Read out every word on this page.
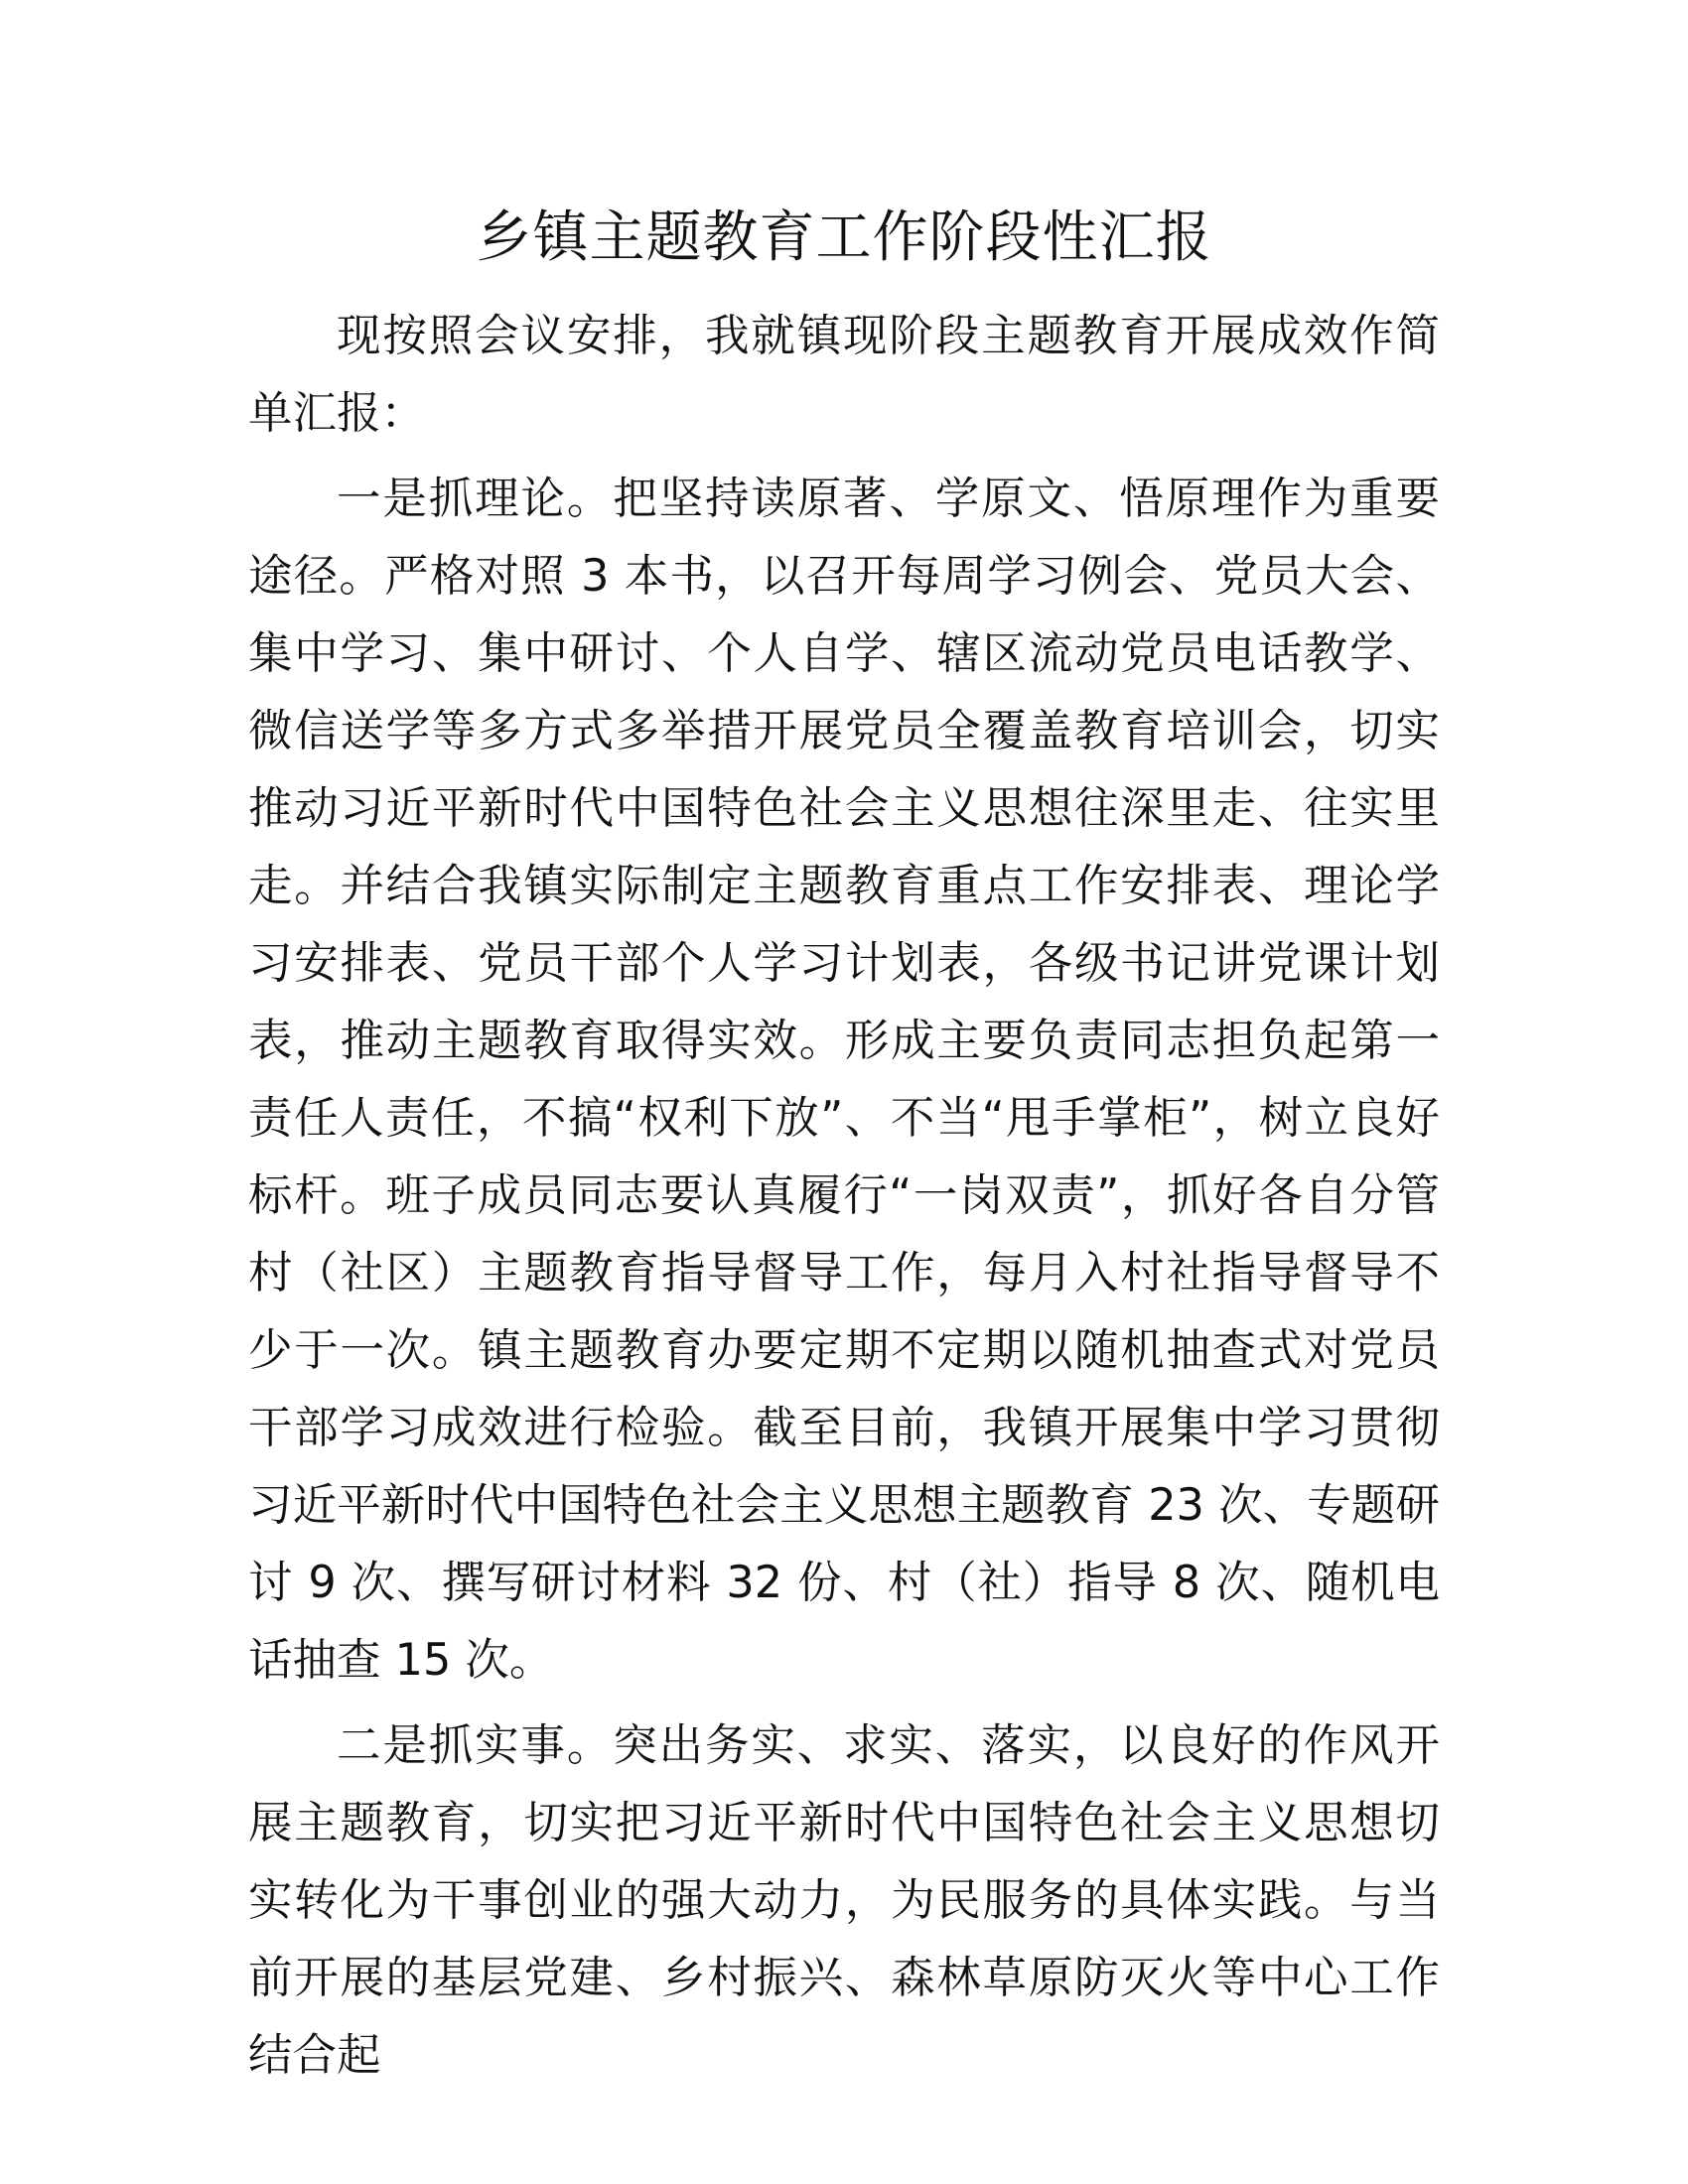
乡镇主题教育工作阶段性汇报

现按照会议安排，我就镇现阶段主题教育开展成效作简单汇报：

一是抓理论。把坚持读原著、学原文、悟原理作为重要途径。严格对照 3 本书，以召开每周学习例会、党员大会、集中学习、集中研讨、个人自学、辖区流动党员电话教学、微信送学等多方式多举措开展党员全覆盖教育培训会，切实推动习近平新时代中国特色社会主义思想往深里走、往实里走。并结合我镇实际制定主题教育重点工作安排表、理论学习安排表、党员干部个人学习计划表，各级书记讲党课计划表，推动主题教育取得实效。形成主要负责同志担负起第一责任人责任，不搞“权利下放”、不当“甩手掌柜”，树立良好标杆。班子成员同志要认真履行“一岗双责”，抓好各自分管村（社区）主题教育指导督导工作，每月入村社指导督导不少于一次。镇主题教育办要定期不定期以随机抽查式对党员干部学习成效进行检验。截至目前，我镇开展集中学习贯彻习近平新时代中国特色社会主义思想主题教育 23 次、专题研讨 9 次、撰写研讨材料 32 份、村（社）指导 8 次、随机电话抽查 15 次。

二是抓实事。突出务实、求实、落实，以良好的作风开展主题教育，切实把习近平新时代中国特色社会主义思想切实转化为干事创业的强大动力，为民服务的具体实践。与当前开展的基层党建、乡村振兴、森林草原防灭火等中心工作结合起
